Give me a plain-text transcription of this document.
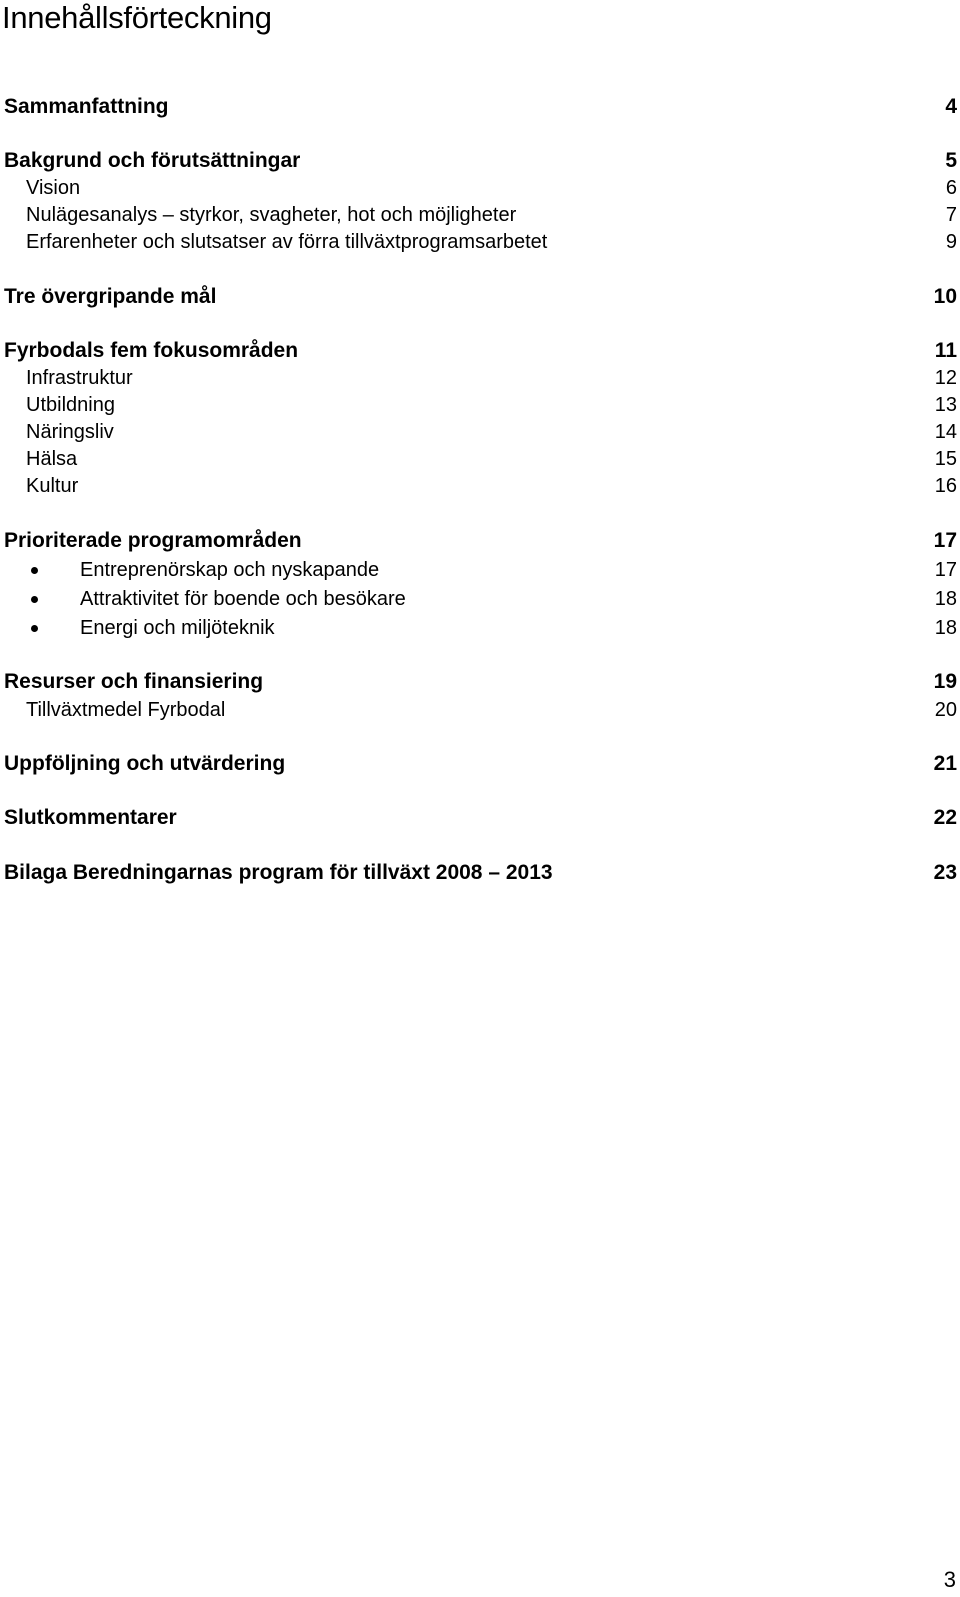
Innehållsförteckning
Sammanfattning	4
Bakgrund och förutsättningar	5
Vision	6
Nulägesanalys – styrkor, svagheter, hot och möjligheter	7
Erfarenheter och slutsatser av förra tillväxtprogramsarbetet	9
Tre övergripande mål	10
Fyrbodals fem fokusområden	11
Infrastruktur	12
Utbildning	13
Näringsliv	14
Hälsa	15
Kultur	16
Prioriterade programområden	17
Entreprenörskap och nyskapande	17
Attraktivitet för boende och besökare	18
Energi och miljöteknik	18
Resurser och finansiering	19
Tillväxtmedel Fyrbodal	20
Uppföljning och utvärdering	21
Slutkommentarer	22
Bilaga Beredningarnas program för tillväxt 2008 – 2013	23
3
